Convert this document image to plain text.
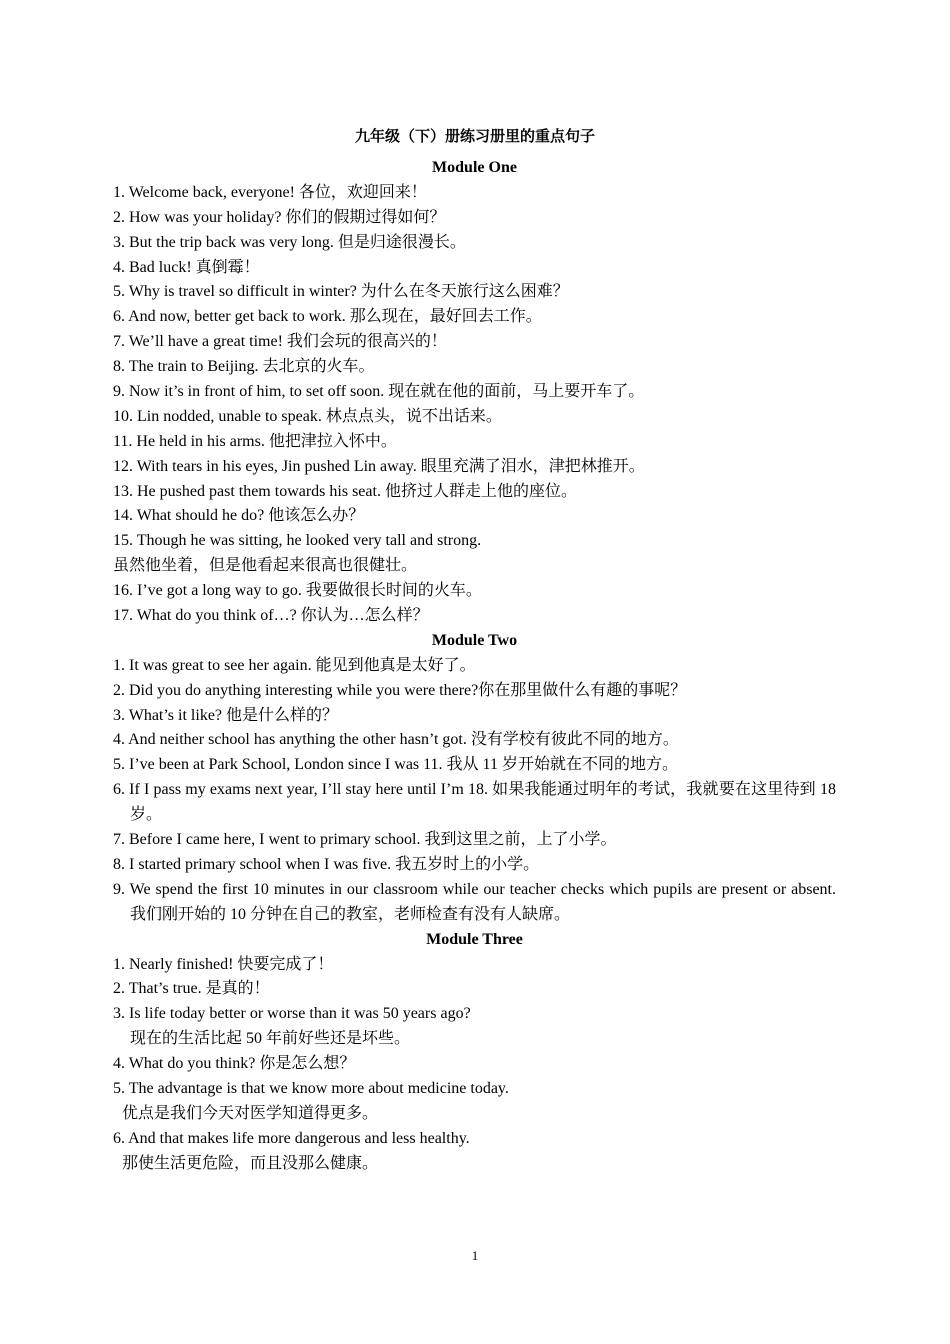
九年级（下）册练习册里的重点句子
Module One
1. Welcome back, everyone! 各位，欢迎回来！
2. How was your holiday? 你们的假期过得如何？
3. But the trip back was very long. 但是归途很漫长。
4. Bad luck! 真倒霉！
5. Why is travel so difficult in winter? 为什么在冬天旅行这么困难？
6. And now, better get back to work. 那么现在，最好回去工作。
7. We’ll have a great time! 我们会玩的很高兴的！
8. The train to Beijing. 去北京的火车。
9. Now it’s in front of him, to set off soon. 现在就在他的面前，马上要开车了。
10. Lin nodded, unable to speak. 林点点头，说不出话来。
11. He held in his arms. 他把津拉入怀中。
12. With tears in his eyes, Jin pushed Lin away. 眼里充满了泪水，津把林推开。
13. He pushed past them towards his seat. 他挤过人群走上他的座位。
14. What should he do? 他该怎么办？
15. Though he was sitting, he looked very tall and strong.
虽然他坐着，但是他看起来很高也很健壮。
16. I’ve got a long way to go. 我要做很长时间的火车。
17. What do you think of…? 你认为…怎么样？
Module Two
1. It was great to see her again. 能见到他真是太好了。
2. Did you do anything interesting while you were there?你在那里做什么有趣的事呢？
3. What’s it like? 他是什么样的？
4. And neither school has anything the other hasn’t got. 没有学校有彼此不同的地方。
5. I’ve been at Park School, London since I was 11. 我从 11 岁开始就在不同的地方。
6. If I pass my exams next year, I’ll stay here until I’m 18. 如果我能通过明年的考试，我就要在这里待到 18 岁。
7. Before I came here, I went to primary school. 我到这里之前，上了小学。
8. I started primary school when I was five. 我五岁时上的小学。
9. We spend the first 10 minutes in our classroom while our teacher checks which pupils are present or absent. 我们刚开始的 10 分钟在自己的教室，老师检查有没有人缺席。
Module Three
1. Nearly finished! 快要完成了！
2. That’s true. 是真的！
3. Is life today better or worse than it was 50 years ago?
现在的生活比起 50 年前好些还是坏些。
4. What do you think? 你是怎么想？
5. The advantage is that we know more about medicine today.
优点是我们今天对医学知道得更多。
6. And that makes life more dangerous and less healthy.
那使生活更危险，而且没那么健康。
1
